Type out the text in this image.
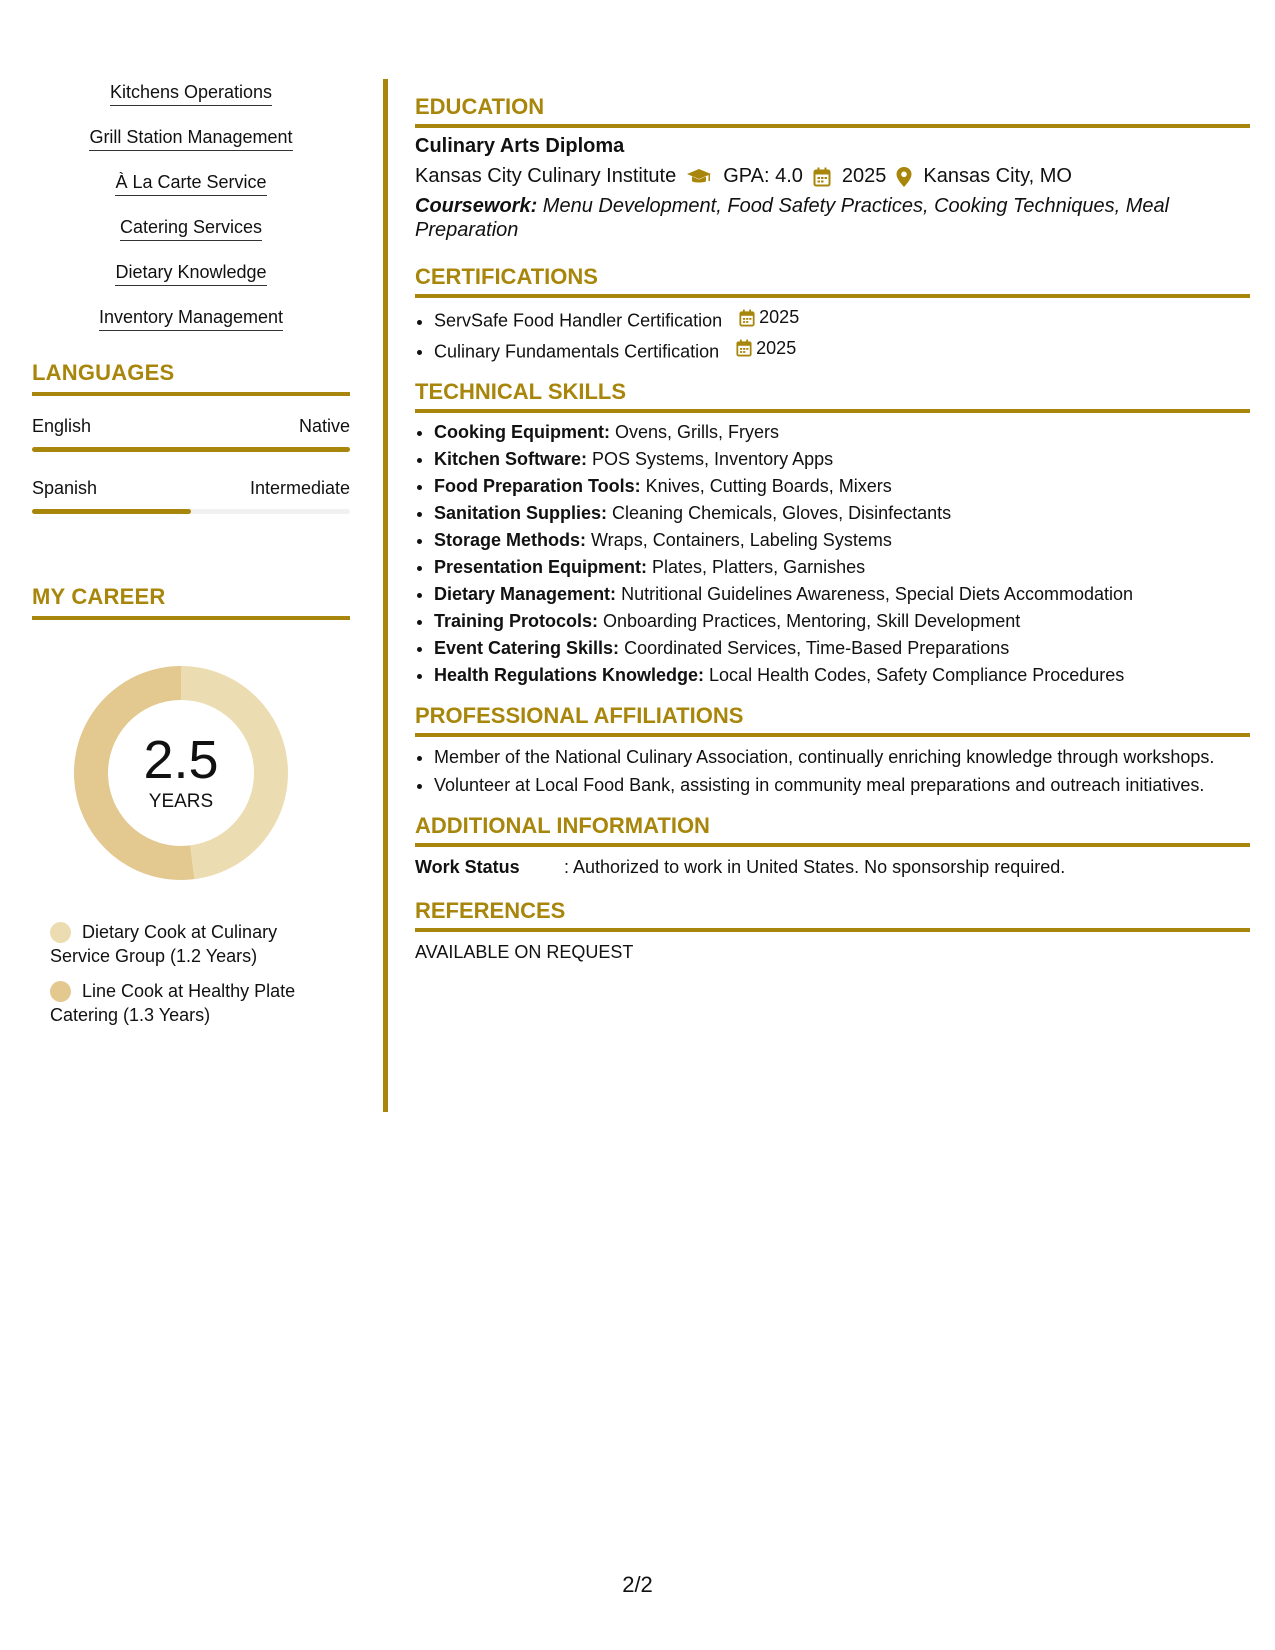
Kitchens Operations
Grill Station Management
À La Carte Service
Catering Services
Dietary Knowledge
Inventory Management
LANGUAGES
English	Native
Spanish	Intermediate
MY CAREER
2.5
YEARS
Dietary Cook at Culinary
Service Group (1.2 Years)
Line Cook at Healthy Plate
Catering (1.3 Years)
EDUCATION
Culinary Arts Diploma
Kansas City Culinary Institute GPA: 4.0 2025 Kansas City, MO
Coursework: Menu Development, Food Safety Practices, Cooking Techniques, Meal Preparation
CERTIFICATIONS
• ServSafe Food Handler Certification 2025
• Culinary Fundamentals Certification 2025
TECHNICAL SKILLS
• Cooking Equipment: Ovens, Grills, Fryers
• Kitchen Software: POS Systems, Inventory Apps
• Food Preparation Tools: Knives, Cutting Boards, Mixers
• Sanitation Supplies: Cleaning Chemicals, Gloves, Disinfectants
• Storage Methods: Wraps, Containers, Labeling Systems
• Presentation Equipment: Plates, Platters, Garnishes
• Dietary Management: Nutritional Guidelines Awareness, Special Diets Accommodation
• Training Protocols: Onboarding Practices, Mentoring, Skill Development
• Event Catering Skills: Coordinated Services, Time-Based Preparations
• Health Regulations Knowledge: Local Health Codes, Safety Compliance Procedures
PROFESSIONAL AFFILIATIONS
• Member of the National Culinary Association, continually enriching knowledge through workshops.
• Volunteer at Local Food Bank, assisting in community meal preparations and outreach initiatives.
ADDITIONAL INFORMATION
Work Status	: Authorized to work in United States. No sponsorship required.
REFERENCES
AVAILABLE ON REQUEST
2/2
